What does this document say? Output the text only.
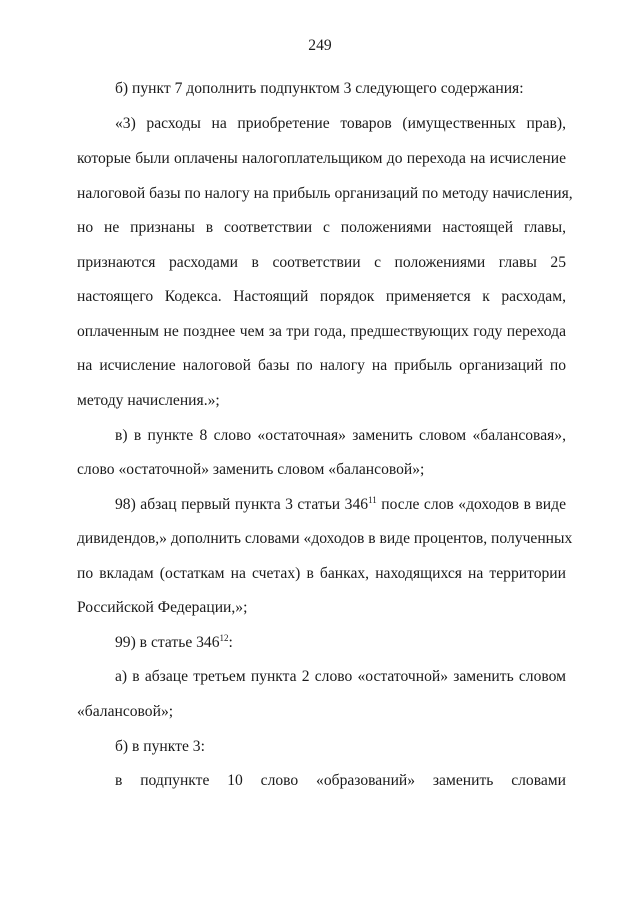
249
б) пункт 7 дополнить подпунктом 3 следующего содержания:
«3) расходы на приобретение товаров (имущественных прав),
которые были оплачены налогоплательщиком до перехода на исчисление
налоговой базы по налогу на прибыль организаций по методу начисления,
но не признаны в соответствии с положениями настоящей главы,
признаются расходами в соответствии с положениями главы 25
настоящего Кодекса. Настоящий порядок применяется к расходам,
оплаченным не позднее чем за три года, предшествующих году перехода
на исчисление налоговой базы по налогу на прибыль организаций по
методу начисления.»;
в) в пункте 8 слово «остаточная» заменить словом «балансовая»,
слово «остаточной» заменить словом «балансовой»;
98) абзац первый пункта 3 статьи $346^{11}$ после слов «доходов в виде
дивидендов,» дополнить словами «доходов в виде процентов, полученных
по вкладам (остаткам на счетах) в банках, находящихся на территории
Российской Федерации,»;
99) в статье $346^{12}$:
а) в абзаце третьем пункта 2 слово «остаточной» заменить словом
«балансовой»;
б) в пункте 3:
в подпункте 10 слово «образований» заменить словами
